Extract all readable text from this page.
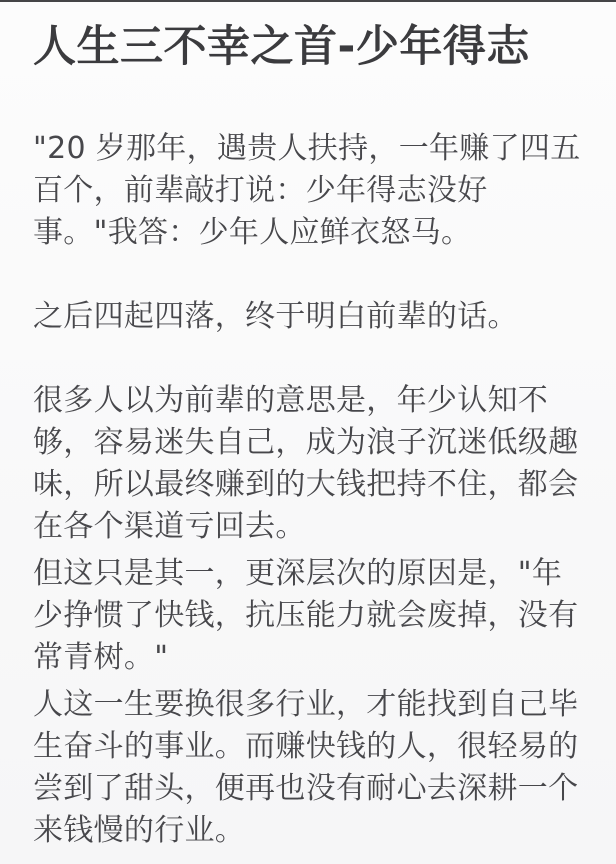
人生三不幸之首-少年得志

"20 岁那年，遇贵人扶持，一年赚了四五百个，前辈敲打说：少年得志没好事。"我答：少年人应鲜衣怒马。

之后四起四落，终于明白前辈的话。

很多人以为前辈的意思是，年少认知不够，容易迷失自己，成为浪子沉迷低级趣味，所以最终赚到的大钱把持不住，都会在各个渠道亏回去。

但这只是其一，更深层次的原因是，"年少挣惯了快钱，抗压能力就会废掉，没有常青树。"

人这一生要换很多行业，才能找到自己毕生奋斗的事业。而赚快钱的人，很轻易的尝到了甜头，便再也没有耐心去深耕一个来钱慢的行业。
